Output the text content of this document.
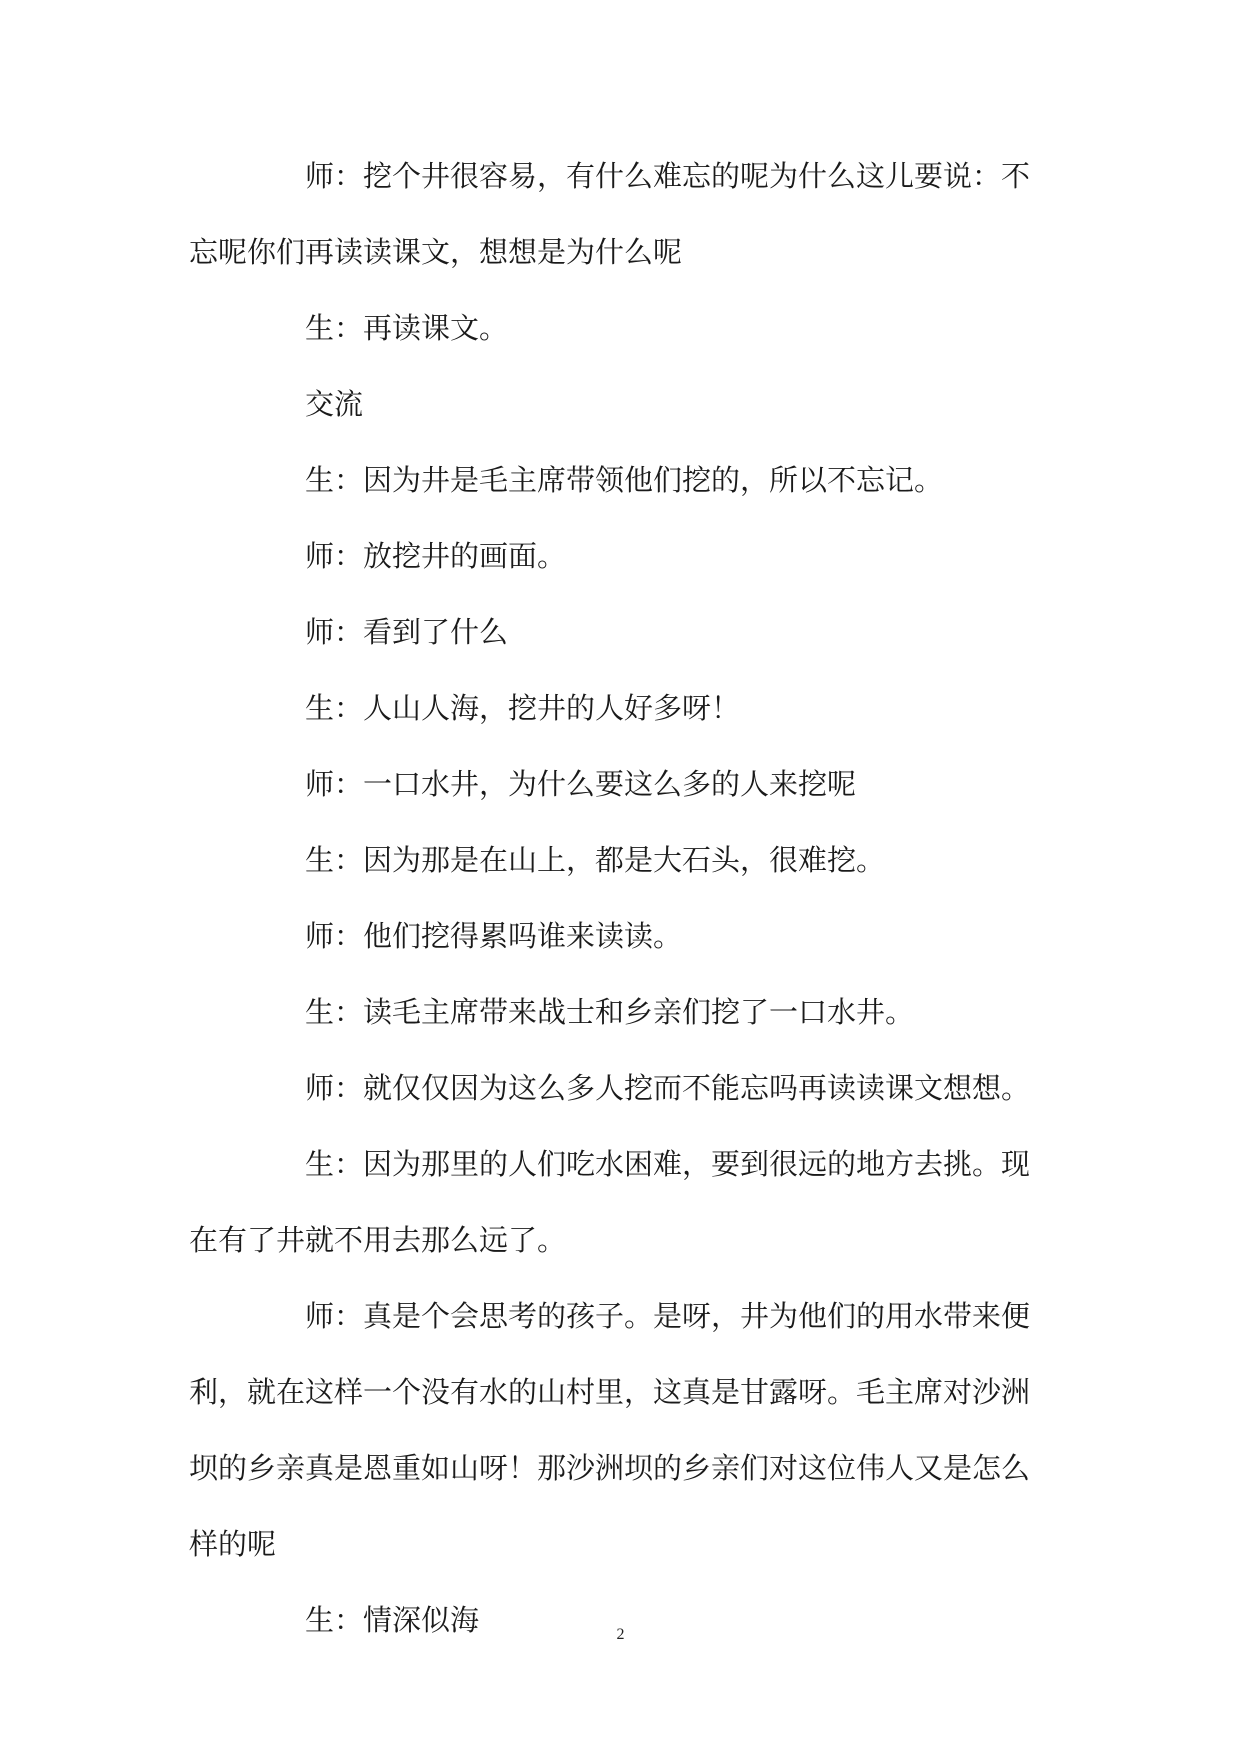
师：挖个井很容易，有什么难忘的呢为什么这儿要说：不忘呢你们再读读课文，想想是为什么呢

生：再读课文。

交流

生：因为井是毛主席带领他们挖的，所以不忘记。

师：放挖井的画面。

师：看到了什么

生：人山人海，挖井的人好多呀！

师：一口水井，为什么要这么多的人来挖呢

生：因为那是在山上，都是大石头，很难挖。

师：他们挖得累吗谁来读读。

生：读毛主席带来战士和乡亲们挖了一口水井。

师：就仅仅因为这么多人挖而不能忘吗再读读课文想想。

生：因为那里的人们吃水困难，要到很远的地方去挑。现在有了井就不用去那么远了。

师：真是个会思考的孩子。是呀，井为他们的用水带来便利，就在这样一个没有水的山村里，这真是甘露呀。毛主席对沙洲坝的乡亲真是恩重如山呀！那沙洲坝的乡亲们对这位伟人又是怎么样的呢

生：情深似海	2
